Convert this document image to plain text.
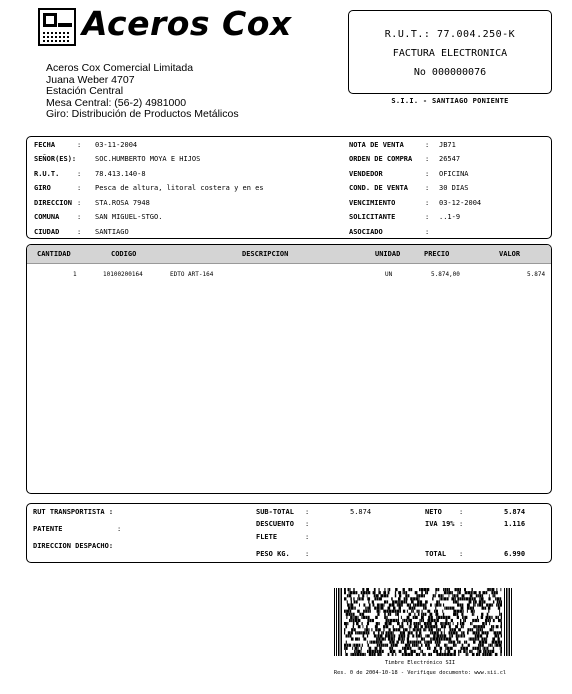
Aceros Cox
Aceros Cox Comercial Limitada
Juana Weber 4707
Estación Central
Mesa Central: (56-2) 4981000
Giro: Distribución de Productos Metálicos
R.U.T.: 77.004.250-K
FACTURA ELECTRONICA
No 000000076
S.I.I. - SANTIAGO PONIENTE
FECHA	: 03-11-2004
SEÑOR(ES):	SOC.HUMBERTO MOYA E HIJOS
R.U.T.	: 78.413.140-8
GIRO	: Pesca de altura, litoral costera y en es
DIRECCION : STA.ROSA 7948
COMUNA	: SAN MIGUEL-STGO.
CIUDAD	: SANTIAGO
NOTA DE VENTA	: JB71
ORDEN DE COMPRA : 26547
VENDEDOR	: OFICINA
COND. DE VENTA : 30 DIAS
VENCIMIENTO	: 03-12-2004
SOLICITANTE	: ..1-9
ASOCIADO	:
CANTIDAD	CODIGO	DESCRIPCION	UNIDAD	PRECIO	VALOR
1	10100200164	EDTO ART-164	UN	5.874,00	5.874
RUT TRANSPORTISTA :
PATENTE	:
DIRECCION DESPACHO:
SUB-TOTAL :	5.874
DESCUENTO :
FLETE	:
PESO KG. :
NETO :	5.874
IVA 19% :	1.116
TOTAL :	6.990
Timbre Electrónico SII
Res. 0 de 2004-10-18 - Verifique documento: www.sii.cl
